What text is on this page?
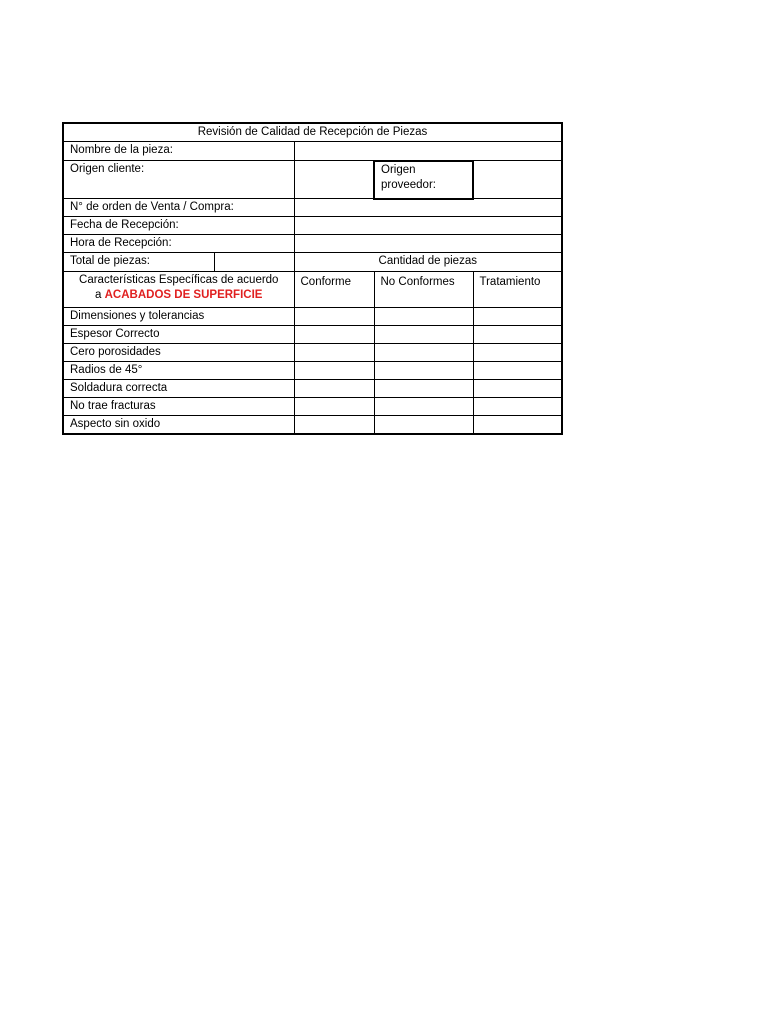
Revisión de Calidad de Recepción de Piezas				
Nombre de la pieza:				
Origen cliente:			Origen
proveedor:	

N° de orden de Venta / Compra:				
Fecha de Recepción:				
Hora de Recepción:				
Total de piezas:		Cantidad de piezas		

Características Específicas de acuerdo
a ACABADOS DE SUPERFICIE		Conforme	No Conformes	Tratamiento
Dimensiones y tolerancias				
Espesor Correcto				
Cero porosidades				
Radios de 45°				
Soldadura correcta				
No trae fracturas				
Aspecto sin oxido				
